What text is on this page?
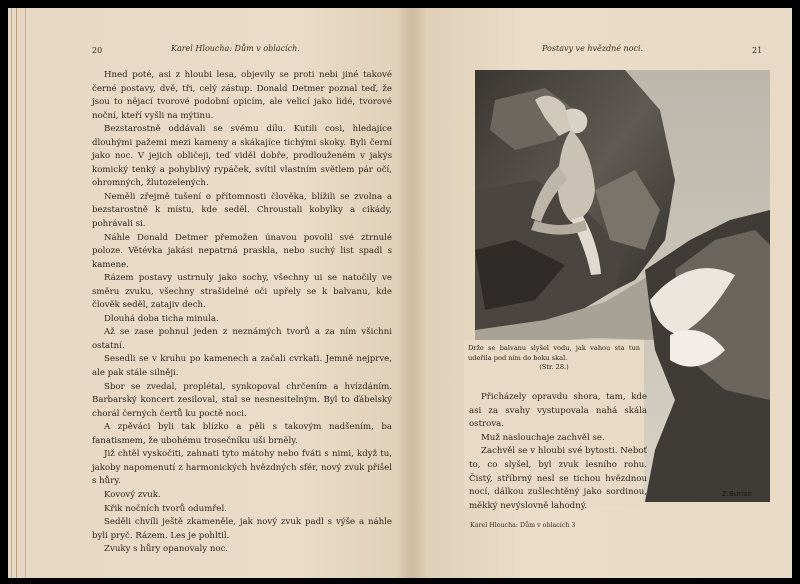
20	Karel Hloucha: Dům v oblacích.

Hned poté, asi z hloubi lesa, objevily se proti nebi jiné takové černé postavy, dvě, tři, celý zástup. Donald Detmer poznal teď, že jsou to nějací tvorové podobní opicím, ale velicí jako lidé, tvorové noční, kteří vyšli na mýtinu.

Bezstarostně oddávali se svému dílu. Kutili cosi, hledajíce dlouhými pažemi mezi kameny a skákajíce tichými skoky. Byli černí jako noc. V jejich obličeji, teď viděl dobře, prodlouženém v jakýs komický tenký a pohyblivý rypáček, svítil vlastním světlem pár očí, ohromných, žlutozelených.

Neměli zřejmě tušení o přítomnosti člověka, blížili se zvolna a bezstarostně k místu, kde seděl. Chroustali kobylky a cikády, pohrávali si.

Náhle Donald Detmer přemožen únavou povolil své ztrnulé poloze. Větévka jakási nepatrná praskla, nebo suchý list spadl s kamene.

Rázem postavy ustrnuly jako sochy, všechny ui se natočily ve směru zvuku, všechny strašidelné oči upřely se k balvanu, kde člověk seděl, zatajiv dech.

Dlouhá doba ticha minula.

Až se zase pohnul jeden z neznámých tvorů a za ním všichni ostatní.

Sesedli se v kruhu po kamenech a začali cvrkati. Jemně nejprve, ale pak stále silněji.

Sbor se zvedal, proplétal, synkopoval chrčením a hvízdáním. Barbarský koncert zesiloval, stal se nesnesitelným. Byl to ďábelský chorál černých čertů ku poctě noci.

A zpěváci byli tak blízko a pěli s takovým nadšením, ba fanatismem, že ubohému trosečníku uši brněly.

Již chtěl vyskočiti, zahnati tyto mátohy nebo fváti s nimi, když tu, jakoby napomenutí z harmonických hvězdných sfér, nový zvuk přišel s hůry.

Kovový zvuk.

Křik nočních tvorů odumřel.

Seděli chvíli ještě zkameněle, jak nový zvuk padl s výše a náhle byli pryč. Rázem. Les je pohltil.

Zvuky s hůry opanovaly noc.

Postavy ve hvězdné noci.	21
Z.Burian
Drže se balvanu slyšel vodu, jak vahou sta tun udeřila pod ním do boku skal.
(Str. 28.)

Přicházely opravdu shora, tam, kde asi za svahy vystupovala nahá skála ostrova.

Muž naslouchaje zachvěl se.

Zachvěl se v hloubi své bytosti. Neboť to, co slyšel, byl zvuk lesního rohu. Čistý, stříbrný nesl se tichou hvězdnou nocí, dálkou zušlechtěný jako sordinou, měkký nevýslovně lahodný.

Karel Hloucha: Dům v oblacích 3
